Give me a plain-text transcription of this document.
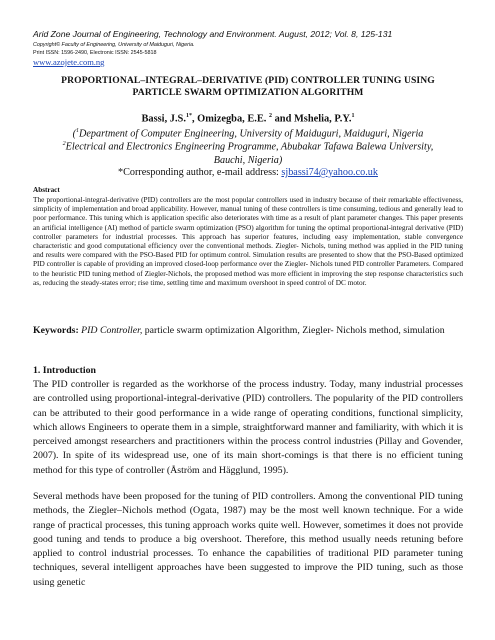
Arid Zone Journal of Engineering, Technology and Environment. August, 2012; Vol. 8, 125-131
Copyright© Faculty of Engineering, University of Maiduguri, Nigeria.
Print ISSN: 1596-2490, Electronic ISSN: 2545-5818
www.azojete.com.ng
PROPORTIONAL–INTEGRAL–DERIVATIVE (PID) CONTROLLER TUNING USING
PARTICLE SWARM OPTIMIZATION ALGORITHM
Bassi, J.S.$^{1*}$, Omizegba, E.E. $^2$ and Mshelia, P.Y.$^1$
($^1$Department of Computer Engineering, University of Maiduguri, Maiduguri, Nigeria
$^2$Electrical and Electronics Engineering Programme, Abubakar Tafawa Balewa University,
Bauchi, Nigeria)
*Corresponding author, e-mail address: sjbassi74@yahoo.co.uk
Abstract
The proportional-integral-derivative (PID) controllers are the most popular controllers used in industry because of their remarkable effectiveness, simplicity of implementation and broad applicability. However, manual tuning of these controllers is time consuming, tedious and generally lead to poor performance. This tuning which is application specific also deteriorates with time as a result of plant parameter changes. This paper presents an artificial intelligence (AI) method of particle swarm optimization (PSO) algorithm for tuning the optimal proportional-integral derivative (PID) controller parameters for industrial processes. This approach has superior features, including easy implementation, stable convergence characteristic and good computational efficiency over the conventional methods. Ziegler- Nichols, tuning method was applied in the PID tuning and results were compared with the PSO-Based PID for optimum control. Simulation results are presented to show that the PSO-Based optimized PID controller is capable of providing an improved closed-loop performance over the Ziegler- Nichols tuned PID controller Parameters. Compared to the heuristic PID tuning method of Ziegler-Nichols, the proposed method was more efficient in improving the step response characteristics such as, reducing the steady-states error; rise time, settling time and maximum overshoot in speed control of DC motor.
Keywords: PID Controller, particle swarm optimization Algorithm, Ziegler- Nichols method, simulation
1. Introduction
The PID controller is regarded as the workhorse of the process industry. Today, many industrial processes are controlled using proportional-integral-derivative (PID) controllers. The popularity of the PID controllers can be attributed to their good performance in a wide range of operating conditions, functional simplicity, which allows Engineers to operate them in a simple, straightforward manner and familiarity, with which it is perceived amongst researchers and practitioners within the process control industries (Pillay and Govender, 2007). In spite of its widespread use, one of its main short-comings is that there is no efficient tuning method for this type of controller (Åström and Hägglund, 1995).
Several methods have been proposed for the tuning of PID controllers. Among the conventional PID tuning methods, the Ziegler–Nichols method (Ogata, 1987) may be the most well known technique. For a wide range of practical processes, this tuning approach works quite well. However, sometimes it does not provide good tuning and tends to produce a big overshoot. Therefore, this method usually needs retuning before applied to control industrial processes. To enhance the capabilities of traditional PID parameter tuning techniques, several intelligent approaches have been suggested to improve the PID tuning, such as those using genetic
